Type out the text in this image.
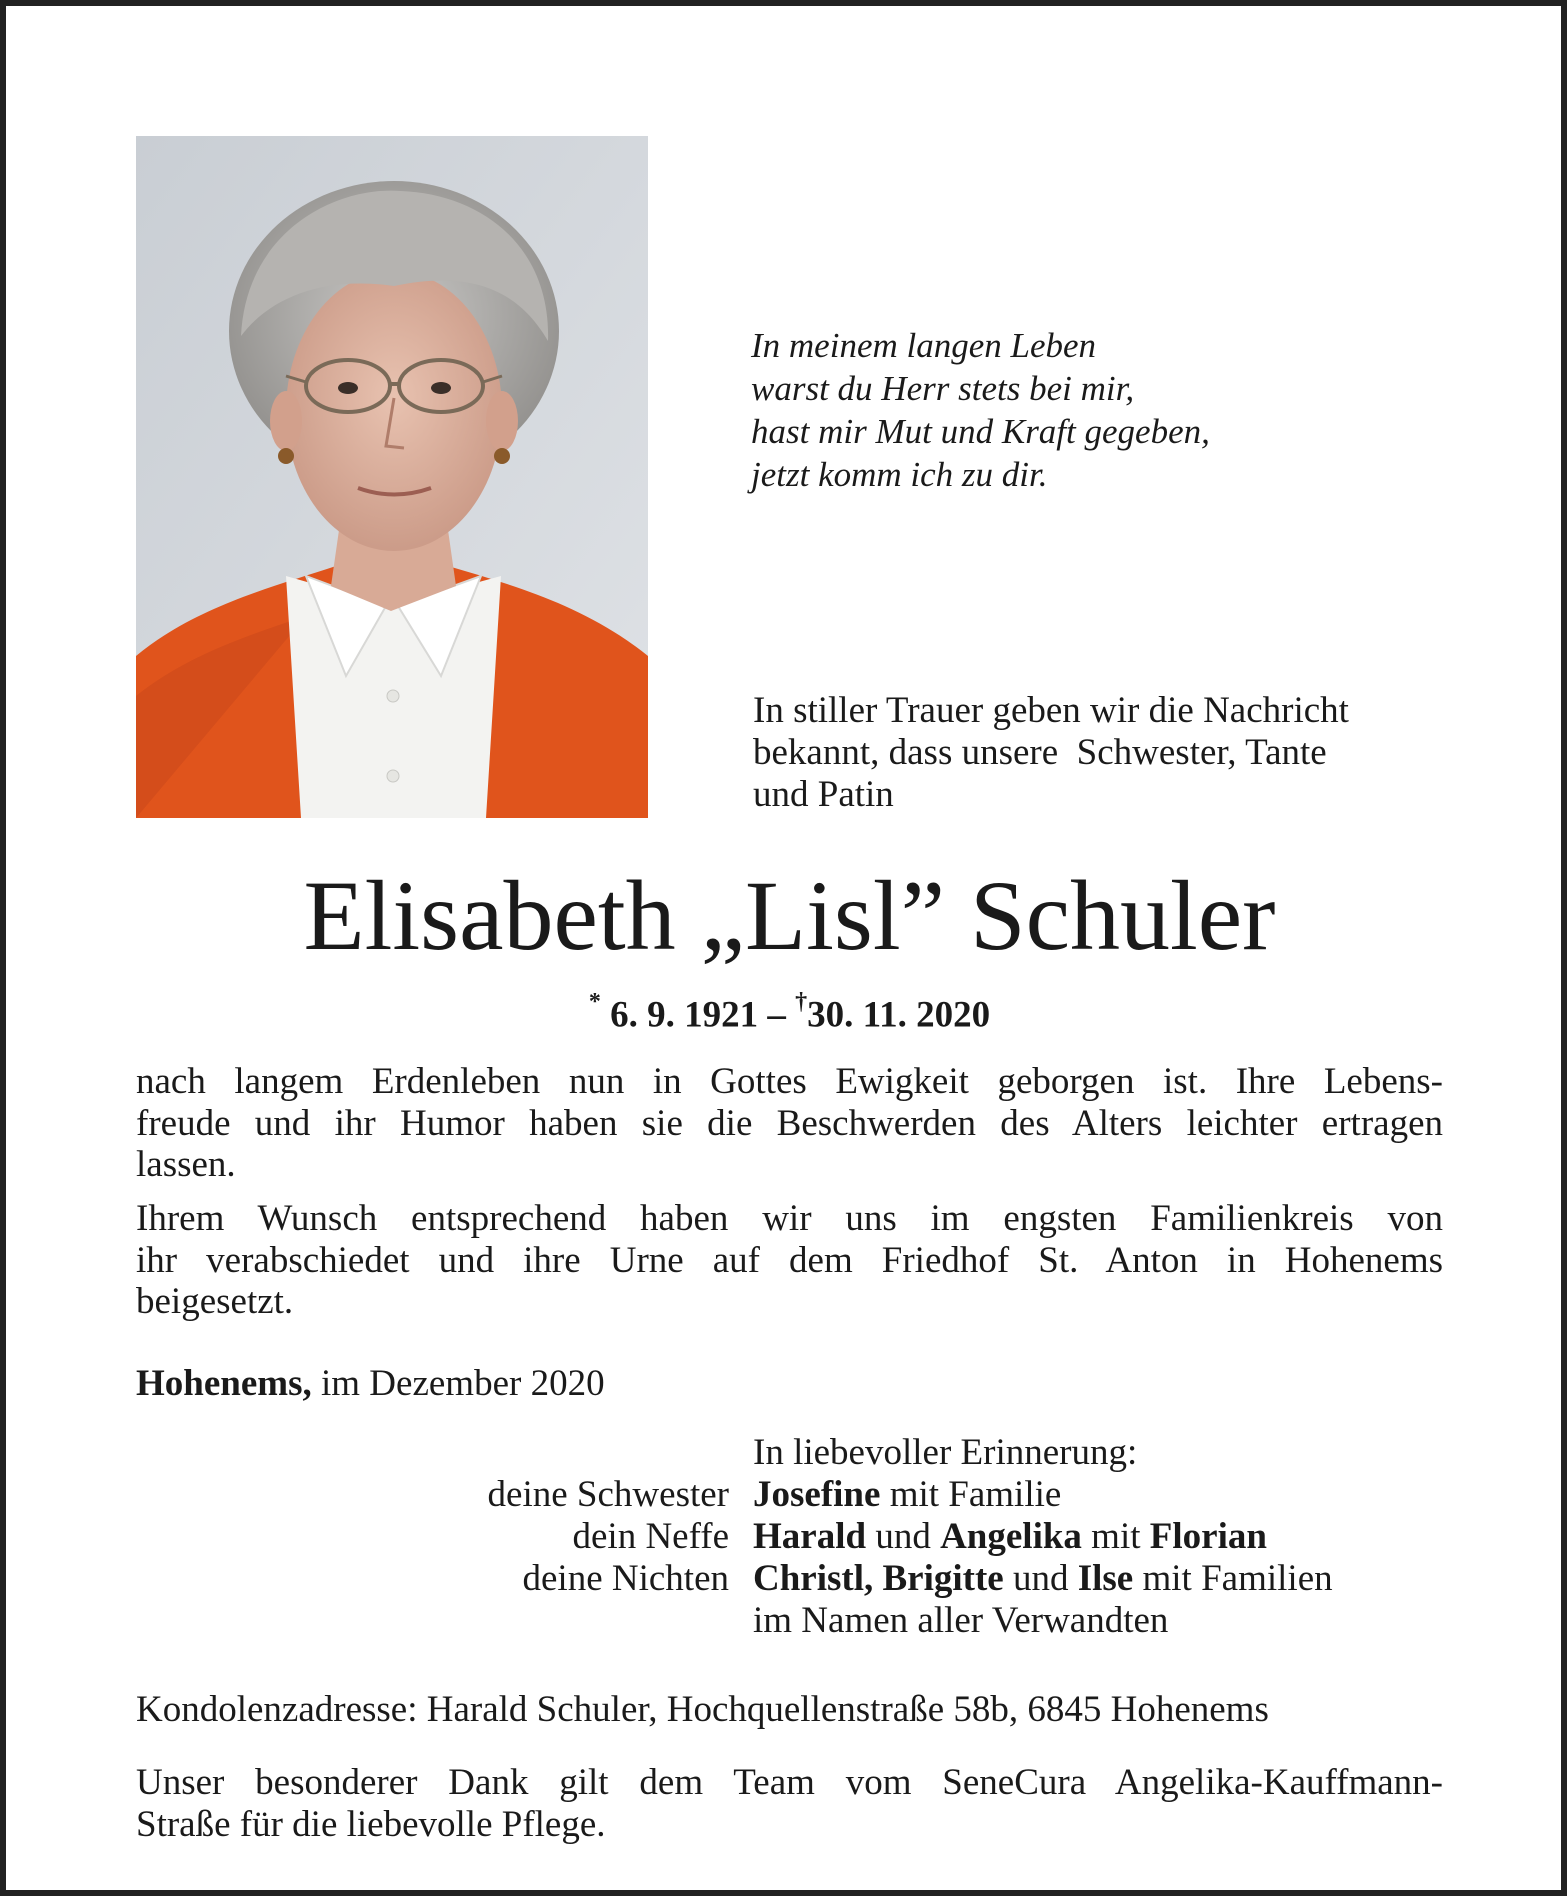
In meinem langen Leben
warst du Herr stets bei mir,
hast mir Mut und Kraft gegeben,
jetzt komm ich zu dir.
In stiller Trauer geben wir die Nachricht
bekannt, dass unsere  Schwester, Tante
und Patin
Elisabeth „Lisl” Schuler
* 6. 9. 1921 – †30. 11. 2020
nach langem Erdenleben nun in Gottes Ewigkeit geborgen ist. Ihre Lebens-
freude und ihr Humor haben sie die Beschwerden des Alters leichter ertragen
lassen.
Ihrem Wunsch entsprechend haben wir uns im engsten Familienkreis von
ihr verabschiedet und ihre Urne auf dem Friedhof St. Anton in Hohenems
beigesetzt.
Hohenems, im Dezember 2020
In liebevoller Erinnerung:
deine Schwester Josefine mit Familie
dein Neffe Harald und Angelika mit Florian
deine Nichten Christl, Brigitte und Ilse mit Familien
im Namen aller Verwandten
Kondolenzadresse: Harald Schuler, Hochquellenstraße 58b, 6845 Hohenems
Unser besonderer Dank gilt dem Team vom SeneCura Angelika-Kauffmann-
Straße für die liebevolle Pflege.
